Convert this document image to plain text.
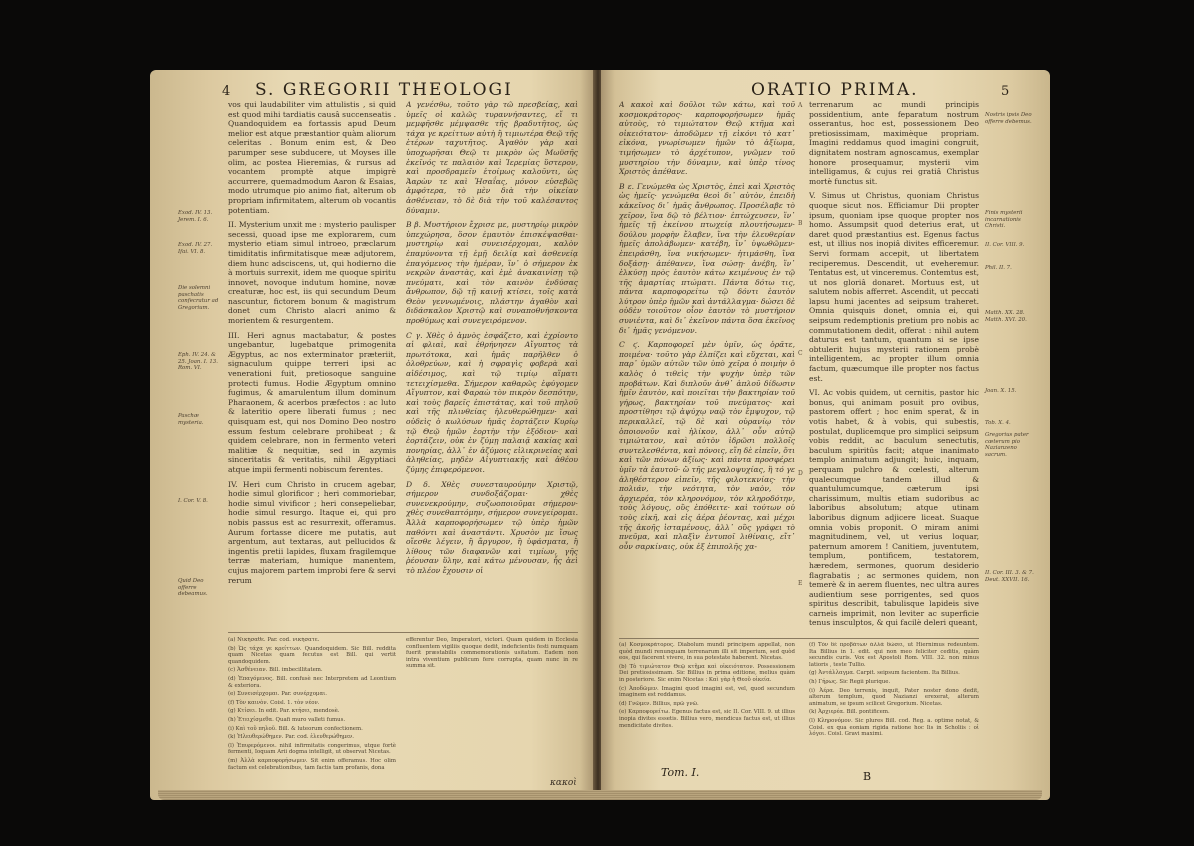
4 S. GREGORII THEOLOGI
Exod. IV. 13. Jerem. I. 6.
Exod. IV. 27. Ifai. VI. 8.
Die solemni paschatis confecratur ad Gregorium.
Eph. IV. 24. & 25. Joan. I. 13. Rom. VI.
Paschæ mysteria.
I. Cor. V. 8.
Quid Deo offerre debeamus.

vos qui laudabiliter vim attulistis , si quid est quod mihi tardiatis causâ succenseatis . Quandoquidem ea fortassis apud Deum melior est atque præstantior quàm aliorum celeritas . Bonum enim est, & Deo parumper sese subducere, ut Moyses ille olim, ac postea Hieremias, & rursus ad vocantem promptè atque impigrè accurrere, quemadmodum Aaron & Esaias, modo utrumque pio animo fiat, alterum ob propriam infirmitatem, alterum ob vocantis potentiam.

II. Mysterium unxit me : mysterio paulisper secessi, quoad ipse me explorarem, cum mysterio etiam simul introeo, præclarum timiditatis infirmitatisque meæ adjutorem, diem hunc adsciscens, ut, qui hodierno die à mortuis surrexit, idem me quoque spiritu innovet, novoque indutum homine, novæ creaturæ, hoc est, iis qui secundum Deum nascuntur, fictorem bonum & magistrum donet cum Christo alacri animo & morientem & resurgentem.

III. Heri agnus mactabatur, & postes ungebantur, lugebatque primogenita Ægyptus, ac nos exterminator præteriit, signaculum quippe terreri ipsi ac venerationi fuit, pretiosoque sanguine protecti fumus. Hodie Ægyptum omnino fugimus, & amarulentum illum dominum Pharaonem, & acerbos præfectos : ac luto & lateritio opere liberati fumus ; nec quisquam est, qui nos Domino Deo nostro essum festum celebrare prohibeat ; & quidem celebrare, non in fermento veteri malitiæ & nequitiæ, sed in azymis sinceritatis & veritatis, nihil Ægyptiaci atque impii fermenti nobiscum ferentes.

IV. Heri cum Christo in crucem agebar, hodie simul glorificor ; heri commoriebar, hodie simul vivificor ; heri consepeliebar, hodie simul resurgo. Itaque ei, qui pro nobis passus est ac resurrexit, offeramus. Aurum fortasse dicere me putatis, aut argentum, aut textaras, aut pellucidos & ingentis pretii lapides, fluxam fragilemque terræ materiam, humique manentem, cujus majorem partem improbi fere & servi rerum

A γενέσθω, τοῦτο γὰρ τῶ πρεσβείας, καὶ ὑμεῖς οἱ καλῶς τυραννήσαντες, εἴ τι μεμφῆσθε μέμψασθε τῆς βραδυτῆτος, ὡς τάχα γε κρείττων αὐτὴ ἢ τιμιωτέρα Θεῷ τῆς ἑτέρων ταχυτῆτος. Ἀγαθὸν γὰρ καὶ ὑποχωρῆσαι Θεῷ τι μικρὸν ὡς Μωϋσῆς ἐκεῖνός τε παλαιὸν καὶ Ἱερεμίας ὕστερον, καὶ προσδραμεῖν ἑτοίμως καλοῦντι, ὡς Ἀαρὼν τε καὶ Ἡσαΐας, μόνον εὐσεβῶς ἀμφότερα, τὸ μὲν διὰ τὴν οἰκείαν ἀσθένειαν, τὸ δὲ διὰ τὴν τοῦ καλέσαντος δύναμιν.

B β. Μυστήριον ἔχρισε με, μυστηρίῳ μικρὸν ὑπεχώρησα, ὅσον ἐμαυτὸν ἐπισκέψασθαι· μυστηρίῳ καὶ συνεισέρχομαι, καλὸν ἐπαμύνοντα τῇ ἐμῇ δειλίᾳ καὶ ἀσθενείᾳ ἐπαγόμενος τὴν ἡμέραν, ἵν᾽ ὁ σήμερον ἐκ νεκρῶν ἀναστὰς, καὶ ἐμὲ ἀνακαινίσῃ τῷ πνεύματι, καὶ τὸν καινὸν ἐνδύσας ἄνθρωπον, δῷ τῇ καινῇ κτίσει, τοῖς κατὰ Θεὸν γεννωμένοις, πλάστην ἀγαθὸν καὶ διδάσκαλον Χριστῷ καὶ συναποθνήσκοντα προθύμως καὶ συνεγειρόμενον.

C γ. Χθὲς ὁ ἀμνὸς ἐσφάζετο, καὶ ἐχρίοντο αἱ φλιαὶ, καὶ ἐθρήνησεν Αἴγυπτος τὰ πρωτότοκα, καὶ ἡμᾶς παρῆλθεν ὁ ὀλοθρεύων, καὶ ἡ σφραγὶς φοβερὰ καὶ αἰδέσιμος, καὶ τῷ τιμίῳ αἵματι τετειχίσμεθα. Σήμερον καθαρῶς ἐφύγομεν Αἴγυπτον, καὶ Φαραὼ τὸν πικρὸν δεσπότην, καὶ τοὺς βαρεῖς ἐπιστάτας, καὶ τοῦ πηλοῦ καὶ τῆς πλινθείας ἠλευθερώθημεν· καὶ οὐδεὶς ὁ κωλύσων ἡμᾶς ἑορτάζειν Κυρίῳ τῷ Θεῷ ἡμῶν ἑορτὴν τὴν ἐξόδιον· καὶ ἑορτάζειν, οὐκ ἐν ζύμῃ παλαιᾷ κακίας καὶ πονηρίας, ἀλλ᾽ ἐν ἀζύμοις εἰλικρινείας καὶ ἀληθείας, μηδὲν Αἰγυπτιακῆς καὶ ἀθέου ζύμης ἐπιφερόμενοι.

D δ. Χθὲς συνεσταυρούμην Χριστῷ, σήμερον συνδοξάζομαι· χθὲς συνενεκρούμην, συζωοποιοῦμαι σήμερον· χθὲς συνεθαπτόμην, σήμερον συνεγείρομαι. Ἀλλὰ καρποφορήσωμεν τῷ ὑπὲρ ἡμῶν παθόντι καὶ ἀναστάντι. Χρυσὸν με ἴσως οἴεσθε λέγειν, ἢ ἄργυρον, ἢ ὑφάσματα, ἢ λίθους τῶν διαφανῶν καὶ τιμίων, γῆς ῥέουσαν ὕλην, καὶ κάτω μένουσαν, ἧς ἀεὶ τὸ πλέον ἔχουσιν οἱ

(a) Νικήσαθε. Par. cod. νικήσατε.

(b) Ὡς τάχα γε κρείττων. Quandoquidem. Sic Bill. reddita quam Nicetas quam fecutus est Bill. qui vertit quandoquidem.

(c) Ἀσθένειαν. Bill. imbecillitatem.

(d) Ἐπαγόμενος. Bill. confusè nec Interpretem ad Leontium & exteriora.

(e) Συνεισέρχομαι. Par. συνέρχομαι.

(f) Τὸν καινὸν. Coisl. 1. τὸν νέον.

(g) Κτίσει. In edit. Par. κτήσει, mendosè.

(h) Ἐτειχίσμεθα. Quafi muro valleti fumus.

(i) Καὶ τοῦ πηλοῦ. Bill. & luteorum confectionem.

(k) Ἠλευθερώθημεν. Par. cod. ἐλευθερώθημεν.

(l) Ἐπιφερόμενοι. nihil infirmitatis congerimus, utque fortè fermenti, Ioquam Arii dogma intelligit, ut observat Nicetas.

(m) Ἀλλὰ καρποφορήσωμεν. Sit enim offeramus. Hoc olim factum est celebrationibus, tam factis tam profanis, dona

efferentur Deo, Imperatori, victori. Quam quidem in Ecclesia confluentem vigiliis quoque dedit, indeficientis festi numquam fuerit præstabilis commemorationis usitatum. Eadem non intra viventium publicum fere corrupta, quam nunc in re summa sit.

κακοὶ
ORATIO PRIMA.	5

A κακοὶ καὶ δοῦλοι τῶν κάτω, καὶ τοῦ κοσμοκράτορος· καρποφορήσωμεν ἡμᾶς αὐτοὺς, τὸ τιμιώτατον Θεῷ κτῆμα καὶ οἰκειότατον· ἀποδῶμεν τῇ εἰκόνι τὸ κατ᾽ εἰκόνα, γνωρίσωμεν ἡμῶν τὸ ἀξίωμα, τιμήσωμεν τὸ ἀρχέτυπον, γνῶμεν τοῦ μυστηρίου τὴν δύναμιν, καὶ ὑπὲρ τίνος Χριστὸς ἀπέθανε.

B ε. Γενώμεθα ὡς Χριστὸς, ἐπεὶ καὶ Χριστὸς ὡς ἡμεῖς· γενώμεθα θεοὶ δι᾽ αὐτὸν, ἐπειδὴ κἀκεῖνος δι᾽ ἡμᾶς ἄνθρωπος. Προσέλαβε τὸ χεῖρον, ἵνα δῷ τὸ βέλτιον· ἐπτώχευσεν, ἵν᾽ ἡμεῖς τῇ ἐκείνου πτωχείᾳ πλουτήσωμεν· δούλου μορφὴν ἔλαβεν, ἵνα τὴν ἐλευθερίαν ἡμεῖς ἀπολάβωμεν· κατέβη, ἵν᾽ ὑψωθῶμεν· ἐπειράσθη, ἵνα νικήσωμεν· ἠτιμάσθη, ἵνα δοξάσῃ· ἀπέθανεν, ἵνα σώσῃ· ἀνέβη, ἵν᾽ ἑλκύσῃ πρὸς ἑαυτὸν κάτω κειμένους ἐν τῷ τῆς ἁμαρτίας πτώματι. Πάντα δότω τις, πάντα καρποφορείτω τῷ δόντι ἑαυτὸν λύτρον ὑπὲρ ἡμῶν καὶ ἀντάλλαγμα· δώσει δὲ οὐδὲν τοιοῦτον οἷον ἑαυτὸν τὸ μυστήριον συνιέντα, καὶ δι᾽ ἐκεῖνον πάντα ὅσα ἐκεῖνος δι᾽ ἡμᾶς γενόμενον.

C ϛ. Καρποφορεῖ μὲν ὑμῖν, ὡς ὁρᾶτε, ποιμένα· τοῦτο γὰρ ἐλπίζει καὶ εὔχεται, καὶ παρ᾽ ὑμῶν αὐτῶν τῶν ὑπὸ χεῖρα ὁ ποιμὴν ὁ καλὸς ὁ τιθεὶς τὴν ψυχὴν ὑπὲρ τῶν προβάτων. Καὶ διπλοῦν ἀνθ᾽ ἁπλοῦ δίδωσιν ἡμῖν ἑαυτὸν, καὶ ποιεῖται τὴν βακτηρίαν τοῦ γήρως, βακτηρίαν τοῦ πνεύματος· καὶ προστίθησι τῷ ἀψύχῳ ναῷ τὸν ἔμψυχον, τῷ περικαλλεῖ, τῷ δὲ καὶ οὐρανίῳ τὸν ὁποιονοῦν καὶ ἡλίκον, ἀλλ᾽ οὖν αὐτῷ τιμιώτατον, καὶ αὐτὸν ἱδρῶσι πολλοῖς συντελεσθέντα, καὶ πόνοις, εἴη δὲ εἰπεῖν, ὅτι καὶ τῶν πόνων ἀξίως· καὶ πάντα προσφέρει ὑμῖν τὰ ἑαυτοῦ· ὢ τῆς μεγαλοψυχίας, ἢ τό γε ἀληθέστερον εἰπεῖν, τῆς φιλοτεκνίας· τὴν πολιάν, τὴν νεότητα, τὸν ναὸν, τὸν ἀρχιερέα, τὸν κληρονόμον, τὸν κληροδότην, τοὺς λόγους, οὓς ἐπόθειτε· καὶ τούτων οὐ τοὺς εἰκῆ, καὶ εἰς ἀέρα ῥέοντας, καὶ μέχρι τῆς ἀκοῆς ἱσταμένους, ἀλλ᾽ οὓς γράφει τὸ πνεῦμα, καὶ πλαξὶν ἐντυποῖ λιθίναις, εἴτ᾽ οὖν σαρκίναις, οὐκ ἐξ ἐπιπολῆς χα-

A
B
C
D
E

terrenarum ac mundi principis possidentium, ante feparatum nostrum osserantus, hoc est, possessionem Deo pretiosissimam, maximèque propriam. Imagini reddamus quod imagini congruit, dignitatem nostram agnoscamus, exemplar honore prosequamur, mysterii vim intelligamus, & cujus rei gratiâ Christus mortè functus sit.

V. Simus ut Christus, quoniam Christus quoque sicut nos. Efficiamur Dii propter ipsum, quoniam ipse quoque propter nos homo. Assumpsit quod deterius erat, ut daret quod præstantius est. Egenus factus est, ut illius nos inopiâ divites efficeremur. Servi formam accepit, ut libertatem reciperemus. Descendit, ut eveheremur. Tentatus est, ut vinceremus. Contemtus est, ut nos gloriâ donaret. Mortuus est, ut salutem nobis afferret. Ascendit, ut peccati lapsu humi jacentes ad seipsum traheret. Omnia quisquis donet, omnia ei, qui seipsum redemptionis pretium pro nobis ac commutationem dedit, offerat : nihil autem daturus est tantum, quantum si se ipse obtulerit hujus mysterii rationem probè intelligentem, ac propter illum omnia factum, quæcumque ille propter nos factus est.

VI. Ac vobis quidem, ut cernitis, pastor hic bonus, qui animam posuit pro ovibus, pastorem offert ; hoc enim sperat, & in votis habet, & à vobis, qui subestis, postulat, duplicemque pro simplici seipsum vobis reddit, ac baculum senectutis, baculum spiritûs facit; atque inanimato templo animatum adjungit; huic, inquam, perquam pulchro & cœlesti, alterum qualecumque tandem illud & quantulumcumque, cæterum ipsi charissimum, multis etiam sudoribus ac laboribus absolutum; atque utinam laboribus dignum adjicere liceat. Suaque omnia vobis proponit. O miram animi magnitudinem, vel, ut verius loquar, paternum amorem ! Canitiem, juventutem, templum, pontificem, testatorem, hæredem, sermones, quorum desiderio flagrabatis ; ac sermones quidem, non temerè & in aerem fluentes, nec ultra aures audientium sese porrigentes, sed quos spiritus describit, tabulisque lapideis sive carneis imprimit, non leviter ac superficie tenus insculptos, & qui facilè deleri queant,

Nostris ipsis Deo offerre debemus.
Finis mysterii incarnationis Christi.
II. Cor. VIII. 9.
Phil. II. 7.
Matth. XX. 28. Matth. XVI. 20.
Joan. X. 15.
Tob. X. 4.
Gregorius pater cœterum pio Nazianzeno sacrum.
II. Cor. III. 3. & 7. Deut. XXVII. 16.

(a) Κοσμοκράτορος. Diabolum mundi principem appellat, non quòd mundi renunquam terrenarum illi sit imperium, sed quòd eos, qui facerent vivere, in sua potestate haberent. Nicetas.

(b) Τὸ τιμιώτατον Θεῷ κτῆμα καὶ οἰκειότατον. Possessionem Dei pretiosissimam. Sic Billius in prima editione, melius quàm in posteriore. Sic enim Nicetas : Καὶ γὰρ ἡ Θεοῦ οἰκεία.

(c) Ἀποδῶμεν. Imagini quod imagini est, vel, quod secundum imaginem est reddamus.

(d) Γνῶμεν. Billius, πρῶ γνῶ.

(e) Καρποφορείτω. Egenus factus est, sic II. Cor. VIII. 9. ut illius inopia divites essetis. Billius vero, mendicus factus est, ut illius mendicitate divites.

(f) Τὸν δὲ προβάτων ἀλλὰ δώσει, ut Hiernimus redeuntem. Ita Billius in 1. edit. qui non meo feliciter ceditis, quàm secundis curis. Vox est Apostoli Rom. VIII. 32. non minus latioris , teste Tullio.

(g) Ἀντάλλαγμα. Carpit. seipsum facientem. Ita Billius.

(h) Γήρως. Sic Regii plurique.

(i) Ἀέρα. Deo terrenis, inquit, Pater noster dono dedit, alterum templum, quod Nazianzi erexerat, alterum animatum, se ipsum scilicet Gregorium. Nicetas.

(k) Ἀρχιερέα. Bill. pontificem.

(l) Κληρονόμον. Sic plures Bill. cod. Reg. a. optime notat, & Coisl. ex qua eoniam rigida ratione hoc Iis in Scholiis : οἱ λόγοι. Coisl. Gravi maximi.

Tom. I.	B
